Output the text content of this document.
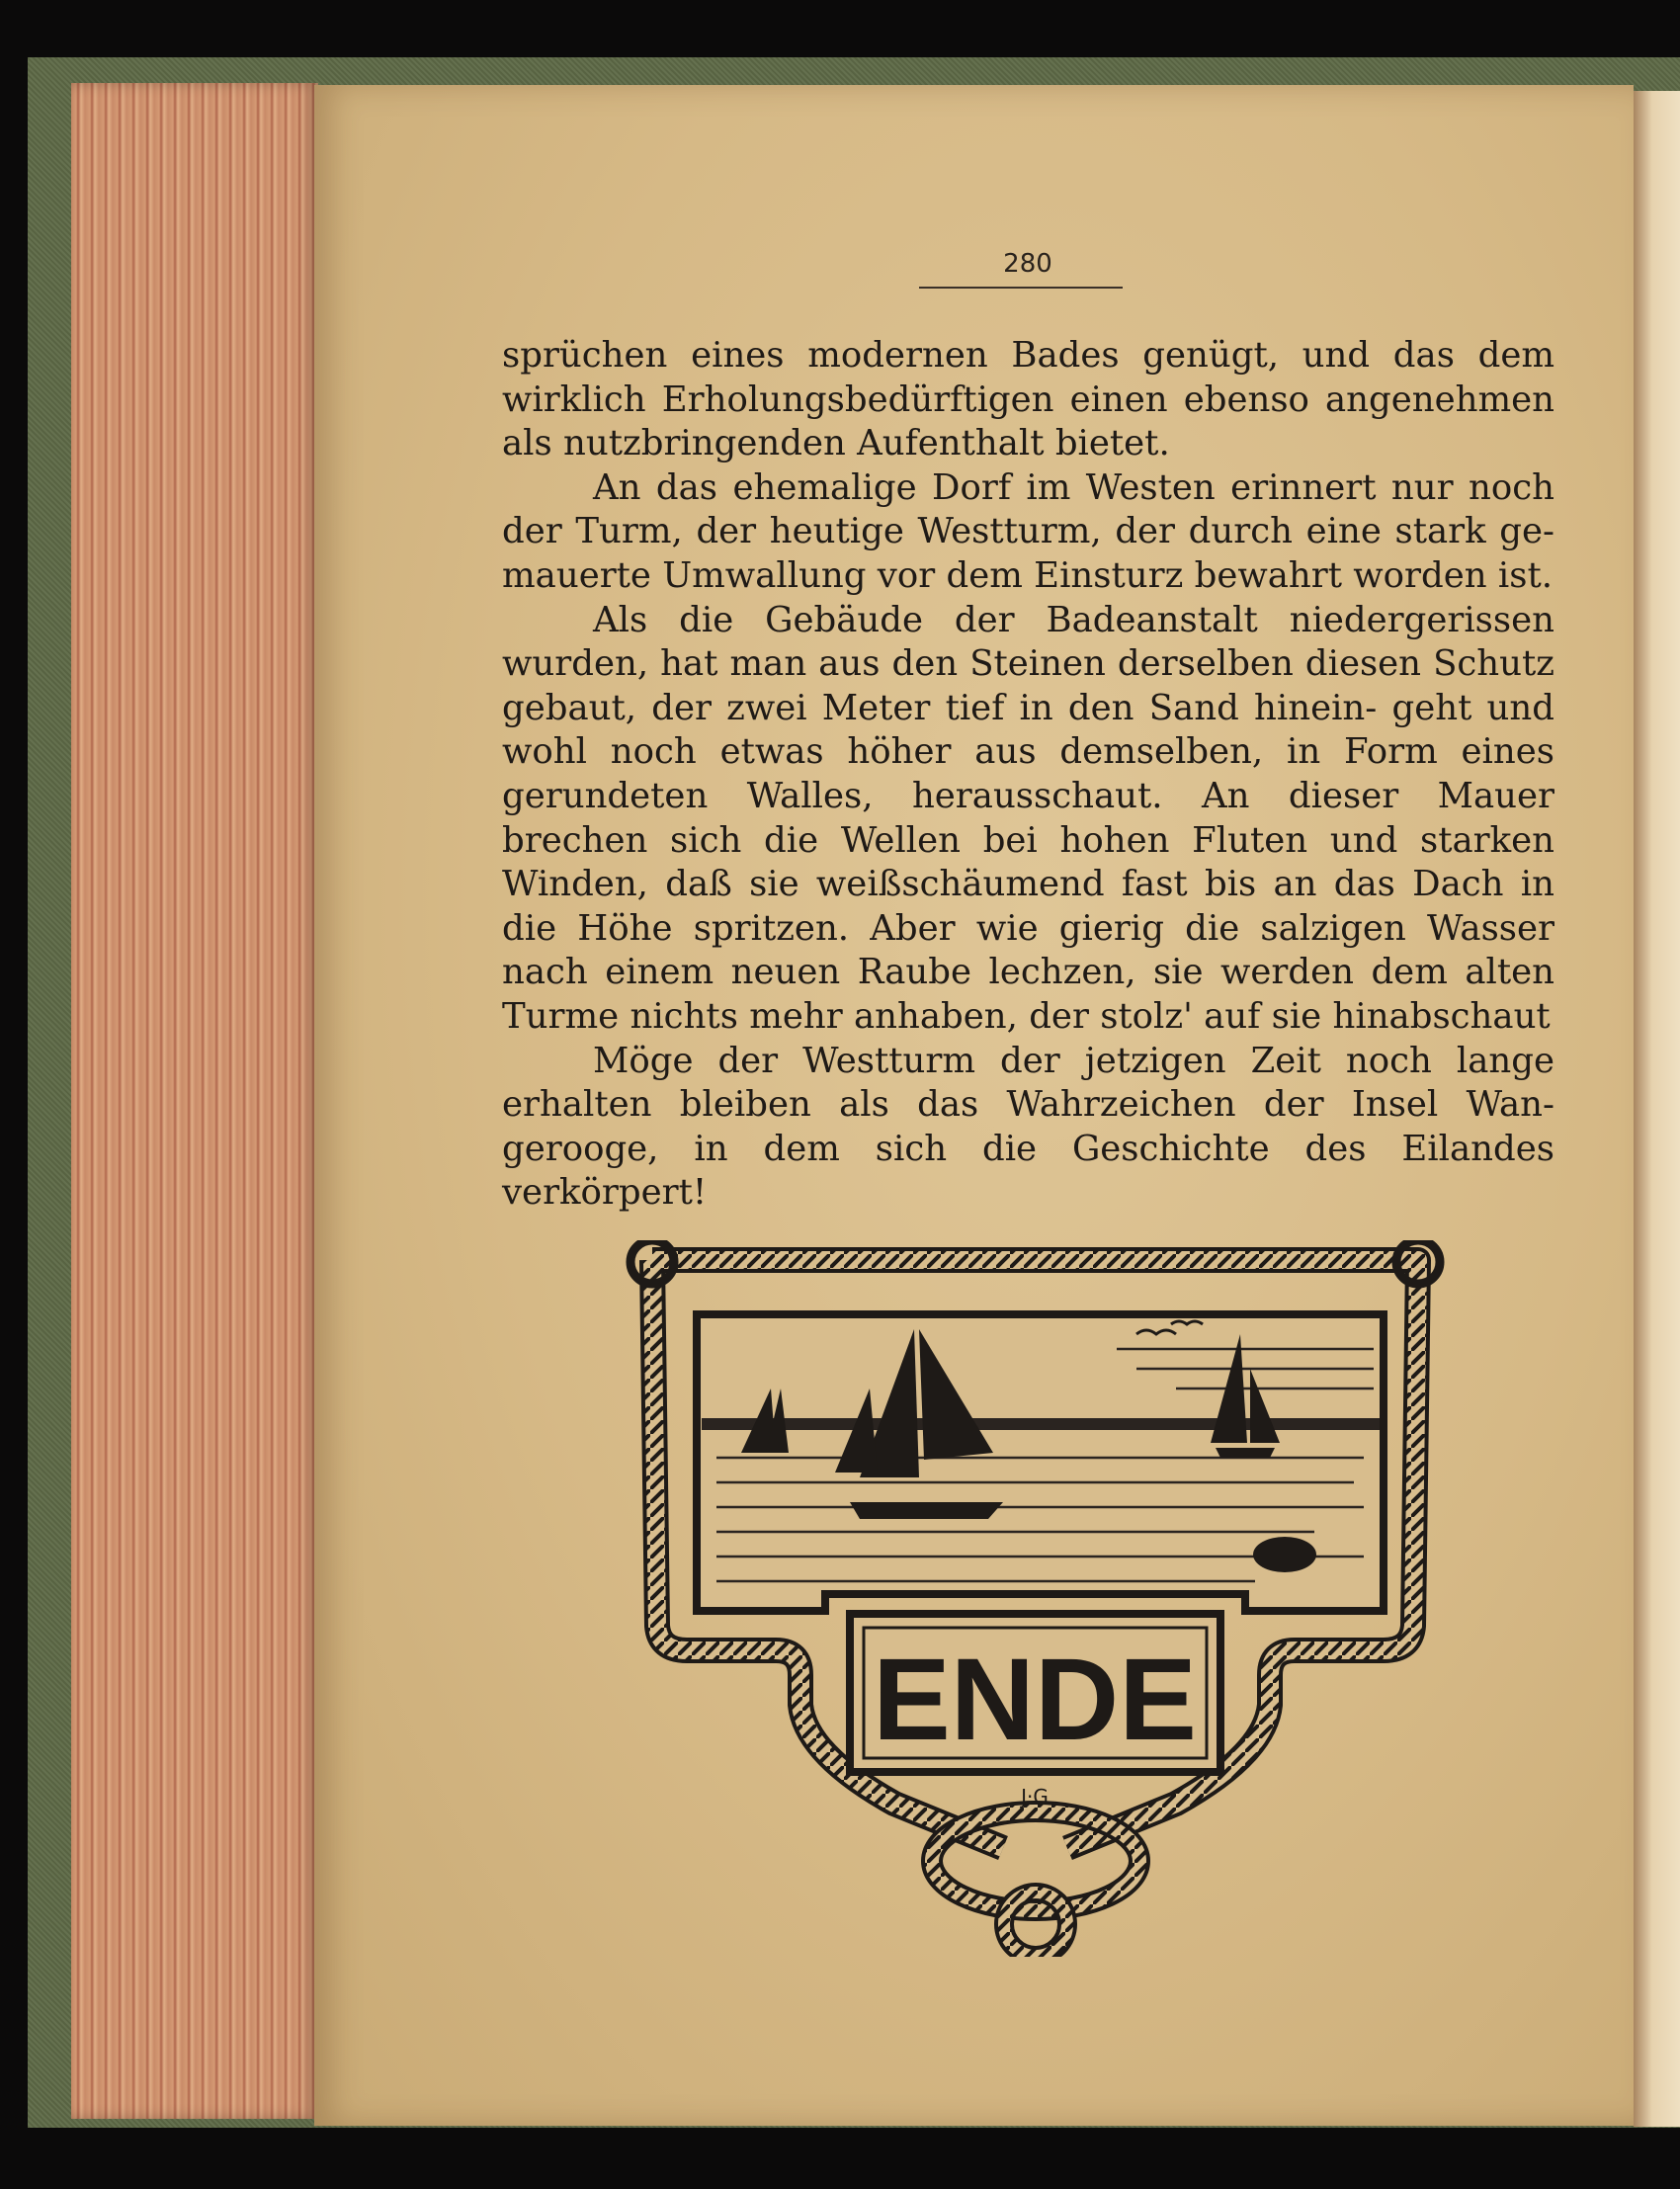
280

sprüchen eines modernen Bades genügt, und das dem wirklich Erholungsbedürftigen einen ebenso angenehmen als nutzbringenden Aufenthalt bietet.

An das ehemalige Dorf im Westen erinnert nur noch der Turm, der heutige Westturm, der durch eine stark ge- mauerte Umwallung vor dem Einsturz bewahrt worden ist.

Als die Gebäude der Badeanstalt niedergerissen wurden, hat man aus den Steinen derselben diesen Schutz gebaut, der zwei Meter tief in den Sand hinein- geht und wohl noch etwas höher aus demselben, in Form eines gerundeten Walles, herausschaut. An dieser Mauer brechen sich die Wellen bei hohen Fluten und starken Winden, daß sie weißschäumend fast bis an das Dach in die Höhe spritzen. Aber wie gierig die salzigen Wasser nach einem neuen Raube lechzen, sie werden dem alten Turme nichts mehr anhaben, der stolz' auf sie hinabschaut

Möge der Westturm der jetzigen Zeit noch lange erhalten bleiben als das Wahrzeichen der Insel Wan- gerooge, in dem sich die Geschichte des Eilandes verkörpert!

ENDE
J·G
